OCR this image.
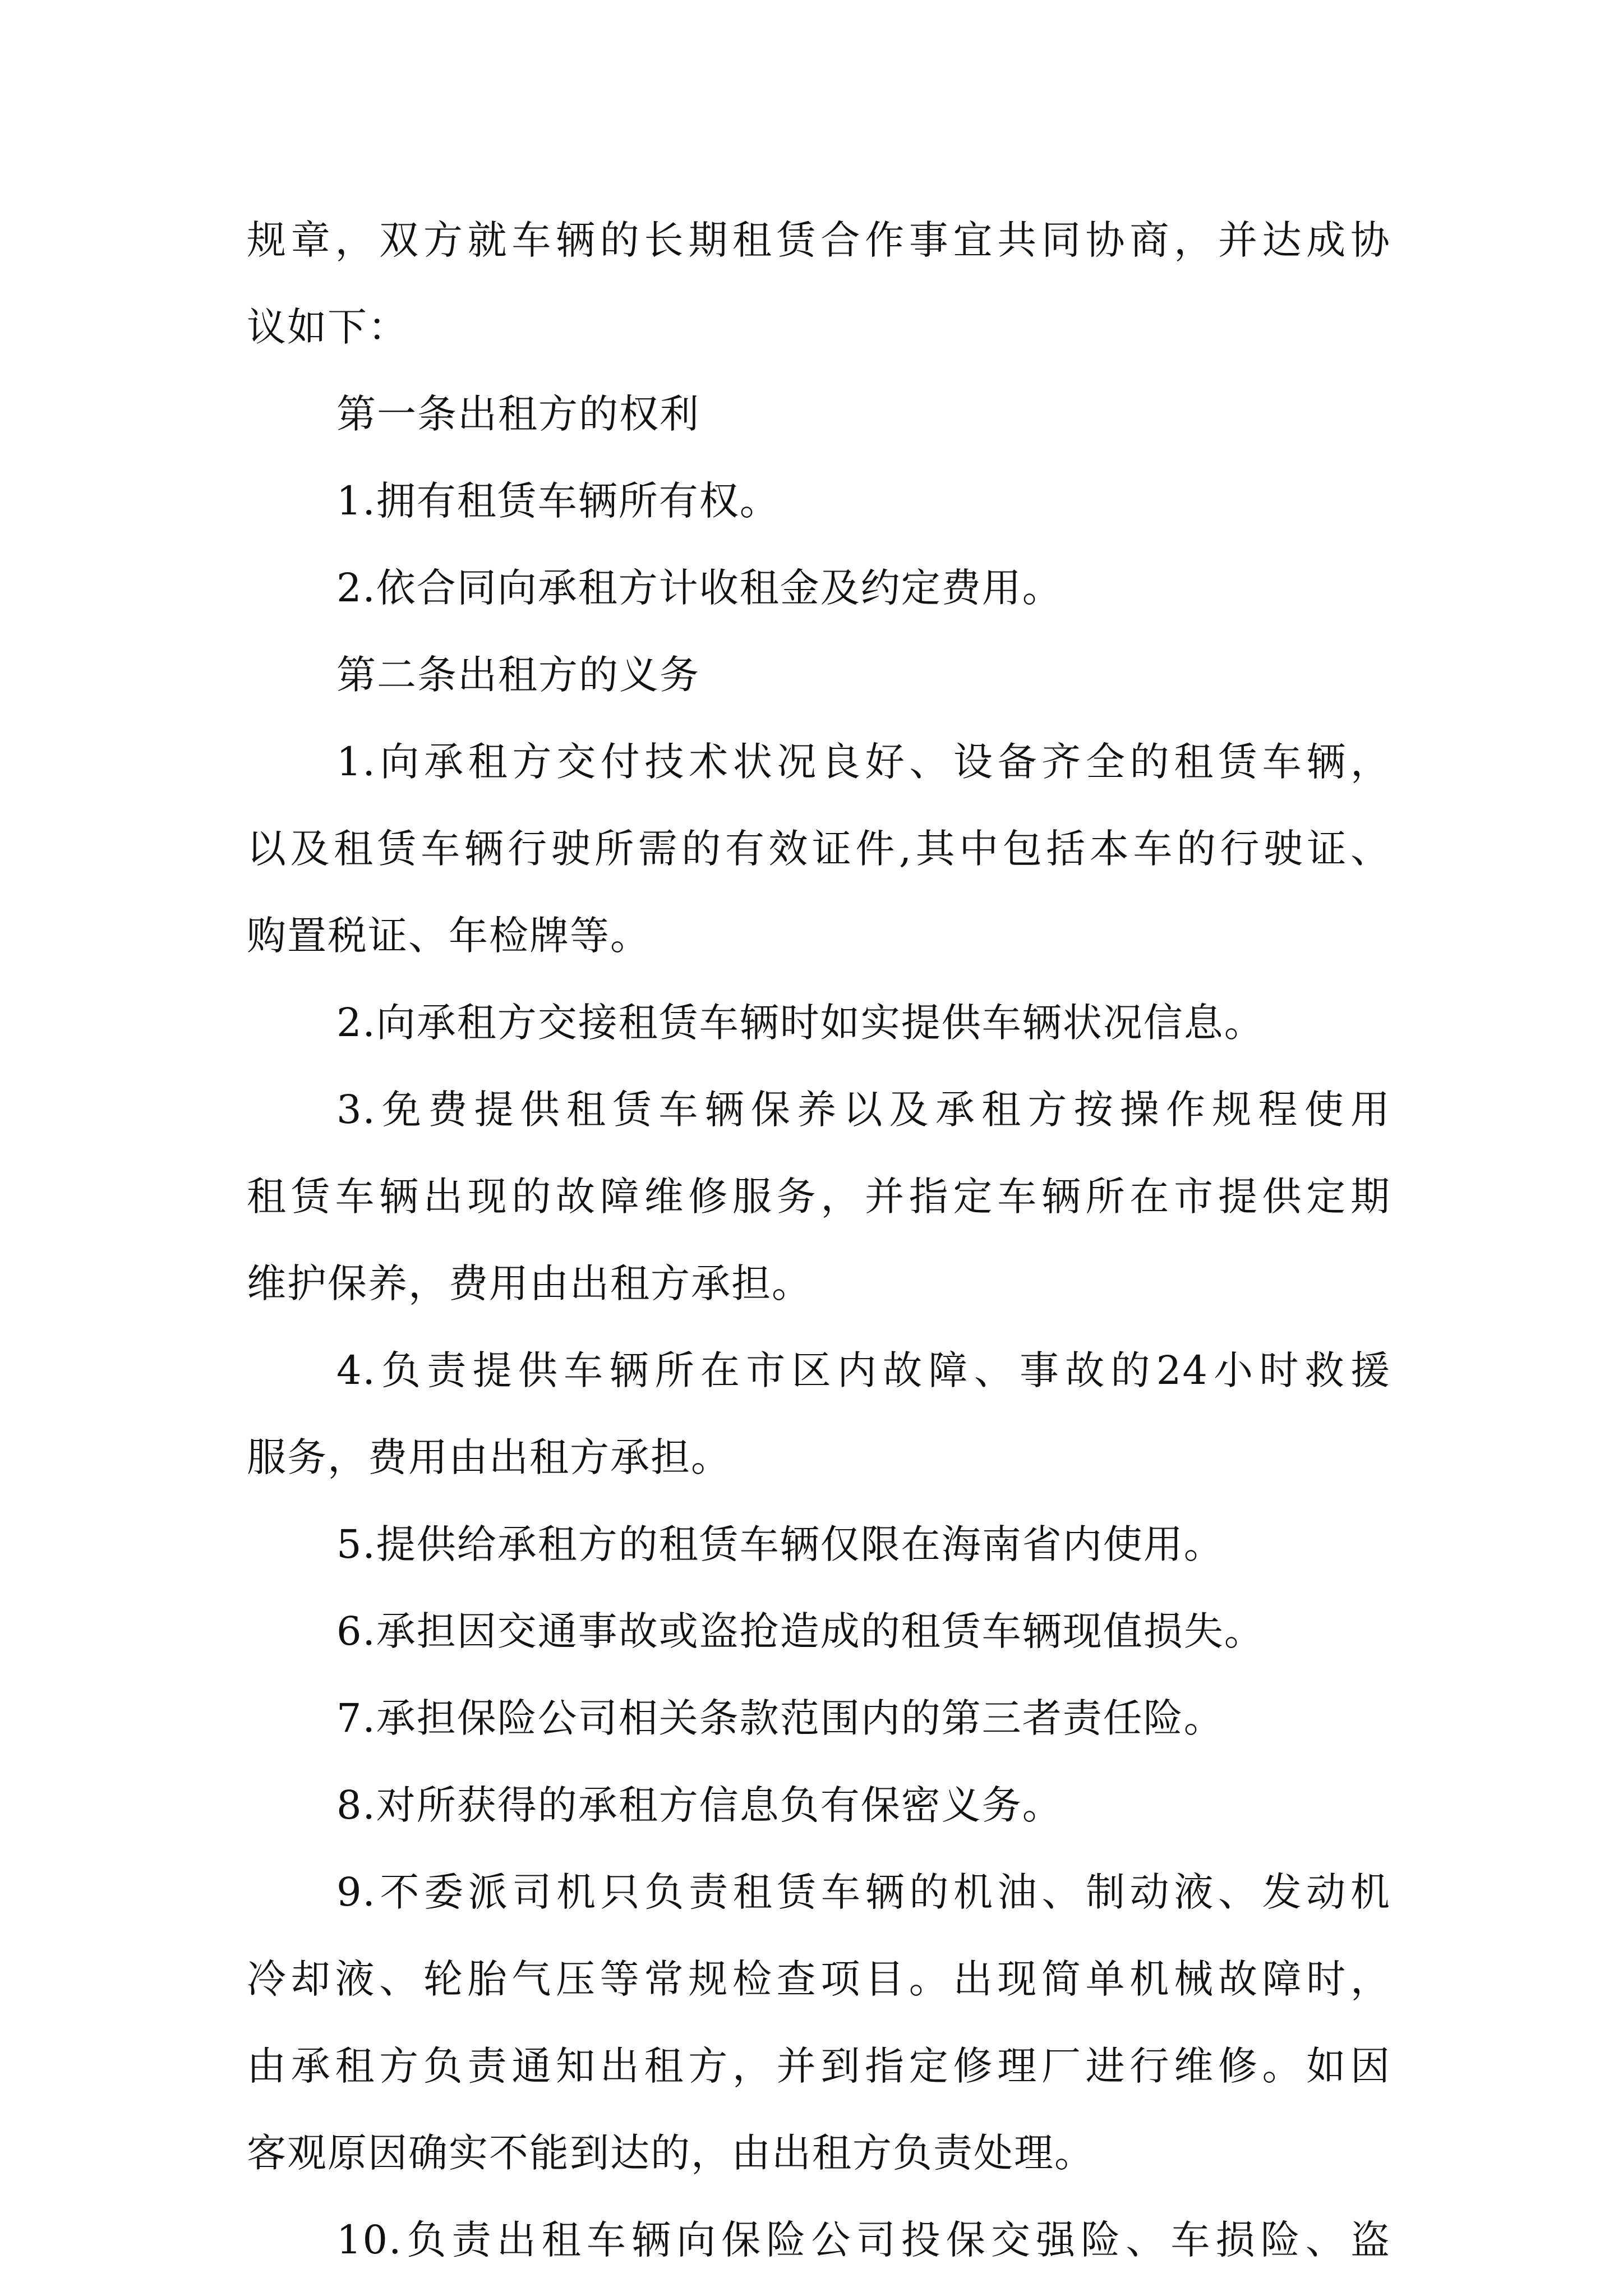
规章，双方就车辆的长期租赁合作事宜共同协商，并达成协
议如下：
第一条出租方的权利
1.拥有租赁车辆所有权。
2.依合同向承租方计收租金及约定费用。
第二条出租方的义务
1.向承租方交付技术状况良好、设备齐全的租赁车辆，
以及租赁车辆行驶所需的有效证件,其中包括本车的行驶证、
购置税证、年检牌等。
2.向承租方交接租赁车辆时如实提供车辆状况信息。
3.免费提供租赁车辆保养以及承租方按操作规程使用
租赁车辆出现的故障维修服务，并指定车辆所在市提供定期
维护保养，费用由出租方承担。
4.负责提供车辆所在市区内故障、事故的24小时救援
服务，费用由出租方承担。
5.提供给承租方的租赁车辆仅限在海南省内使用。
6.承担因交通事故或盗抢造成的租赁车辆现值损失。
7.承担保险公司相关条款范围内的第三者责任险。
8.对所获得的承租方信息负有保密义务。
9.不委派司机只负责租赁车辆的机油、制动液、发动机
冷却液、轮胎气压等常规检查项目。出现简单机械故障时，
由承租方负责通知出租方，并到指定修理厂进行维修。如因
客观原因确实不能到达的，由出租方负责处理。
10.负责出租车辆向保险公司投保交强险、车损险、盗
